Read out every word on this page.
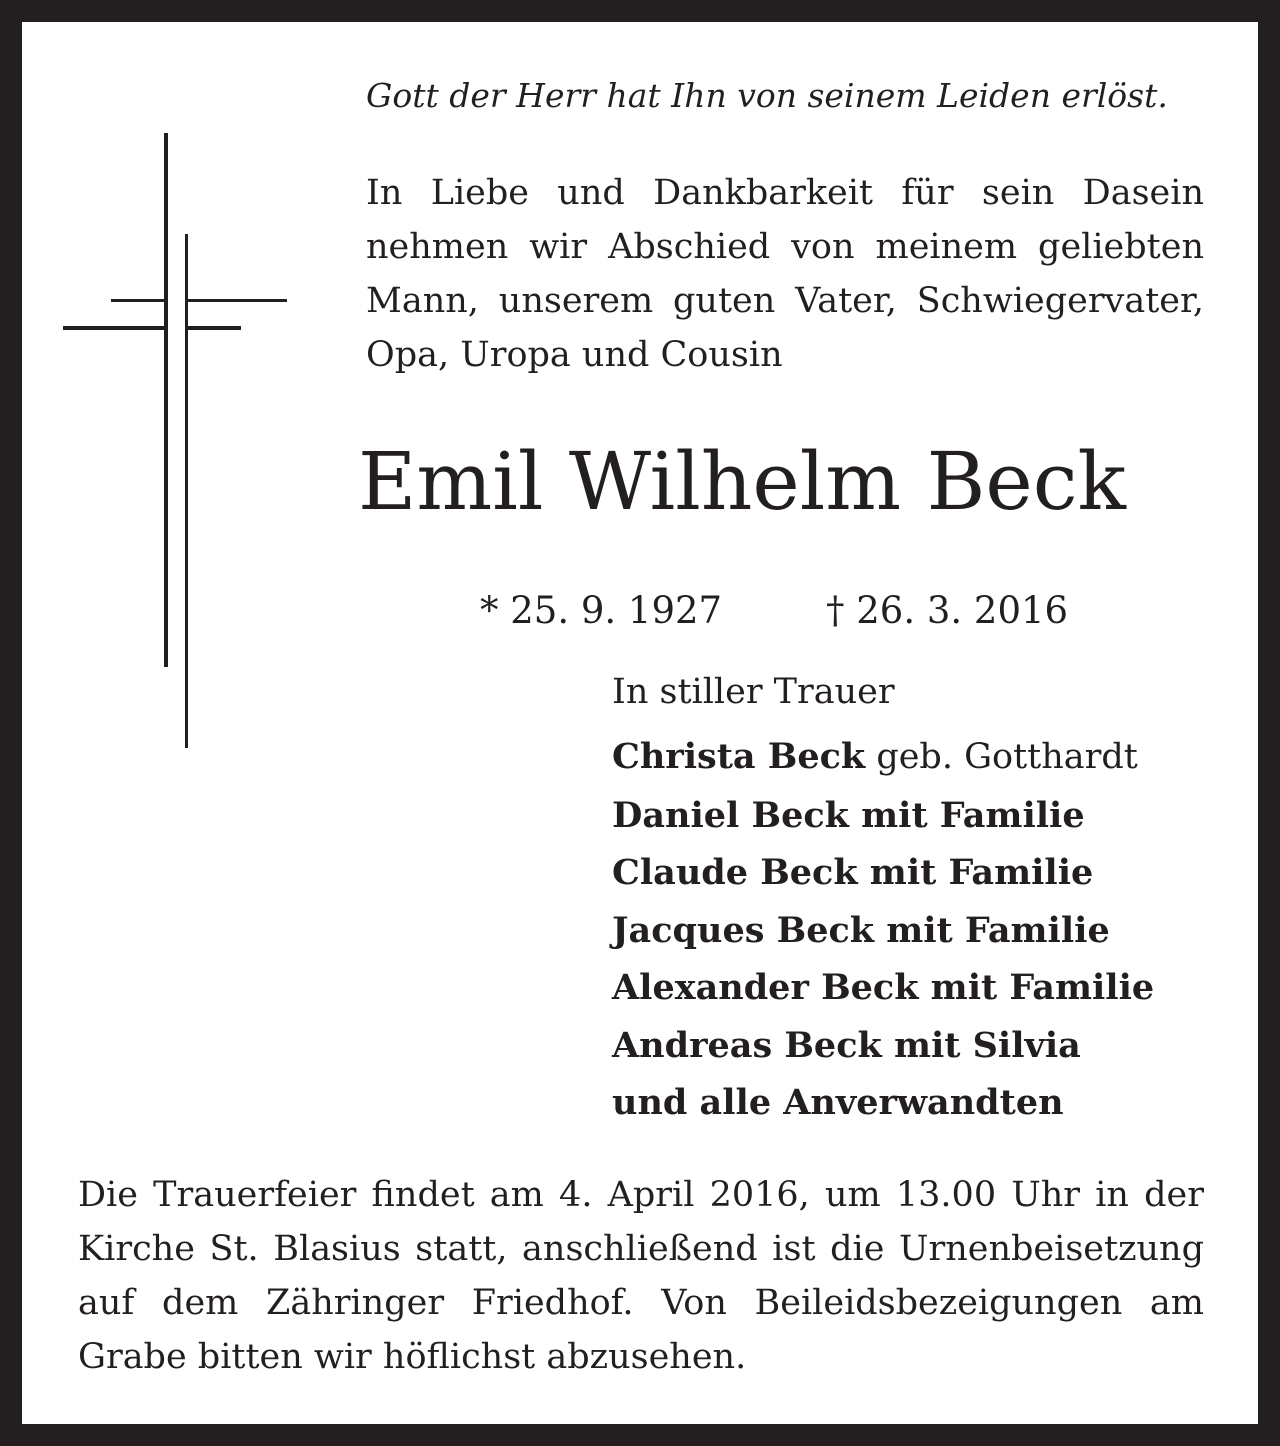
Gott der Herr hat Ihn von seinem Leiden erlöst.
In Liebe und Dankbarkeit für sein Dasein
nehmen wir Abschied von meinem geliebten
Mann, unserem guten Vater, Schwiegervater,
Opa, Uropa und Cousin
Emil Wilhelm Beck
* 25. 9. 1927	† 26. 3. 2016
In stiller Trauer
Christa Beck geb. Gotthardt
Daniel Beck mit Familie
Claude Beck mit Familie
Jacques Beck mit Familie
Alexander Beck mit Familie
Andreas Beck mit Silvia
und alle Anverwandten
Die Trauerfeier findet am 4. April 2016, um 13.00 Uhr in der
Kirche St. Blasius statt, anschließend ist die Urnenbeisetzung
auf dem Zähringer Friedhof. Von Beileidsbezeigungen am
Grabe bitten wir höflichst abzusehen.
